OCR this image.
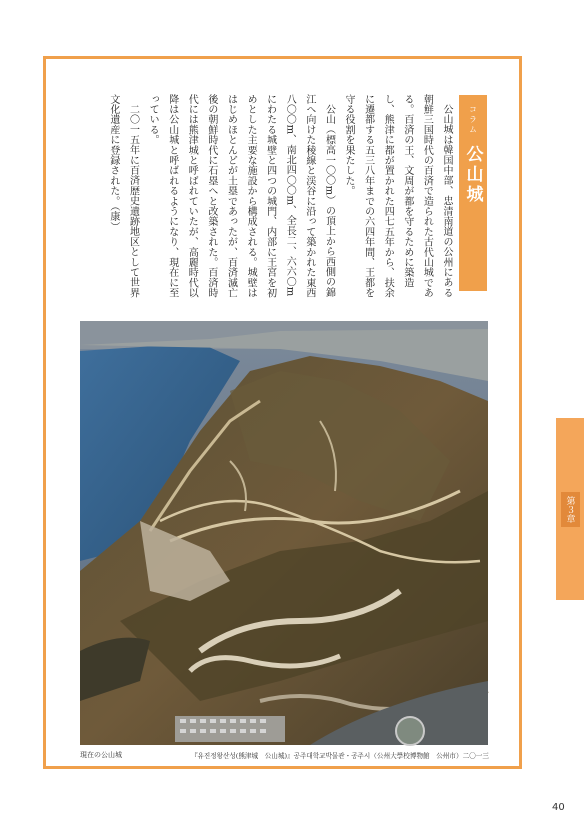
コラム
公山城

公山城は韓国中部、忠清南道の公州にある朝鮮三国時代の百済で造られた古代山城である。百済の王、文周が都を守るために築造し、熊津に都が置かれた四七五年から、扶余に遷都する五三八年までの六四年間、王都を守る役割を果たした。

公山（標高一〇〇m）の頂上から西側の錦江へ向けた稜線と渓谷に沿って築かれた東西八〇〇m、南北四〇〇m、全長二、六六〇mにわたる城壁と四つの城門、内部に王宮を初めとした主要な施設から構成される。城壁ははじめほとんどが土塁であったが、百済滅亡後の朝鮮時代に石塁へと改築された。百済時代には熊津城と呼ばれていたが、高麗時代以降は公山城と呼ばれるようになり、現在に至っている。

二〇一五年に百済歴史遺跡地区として世界文化遺産に登録された。（康）

現在の公山城	『유진정왕산성(熊津城　公山城)』공주대학교박물관・공주시（公州大學校博物館　公州市）二〇一三
第３章
40
